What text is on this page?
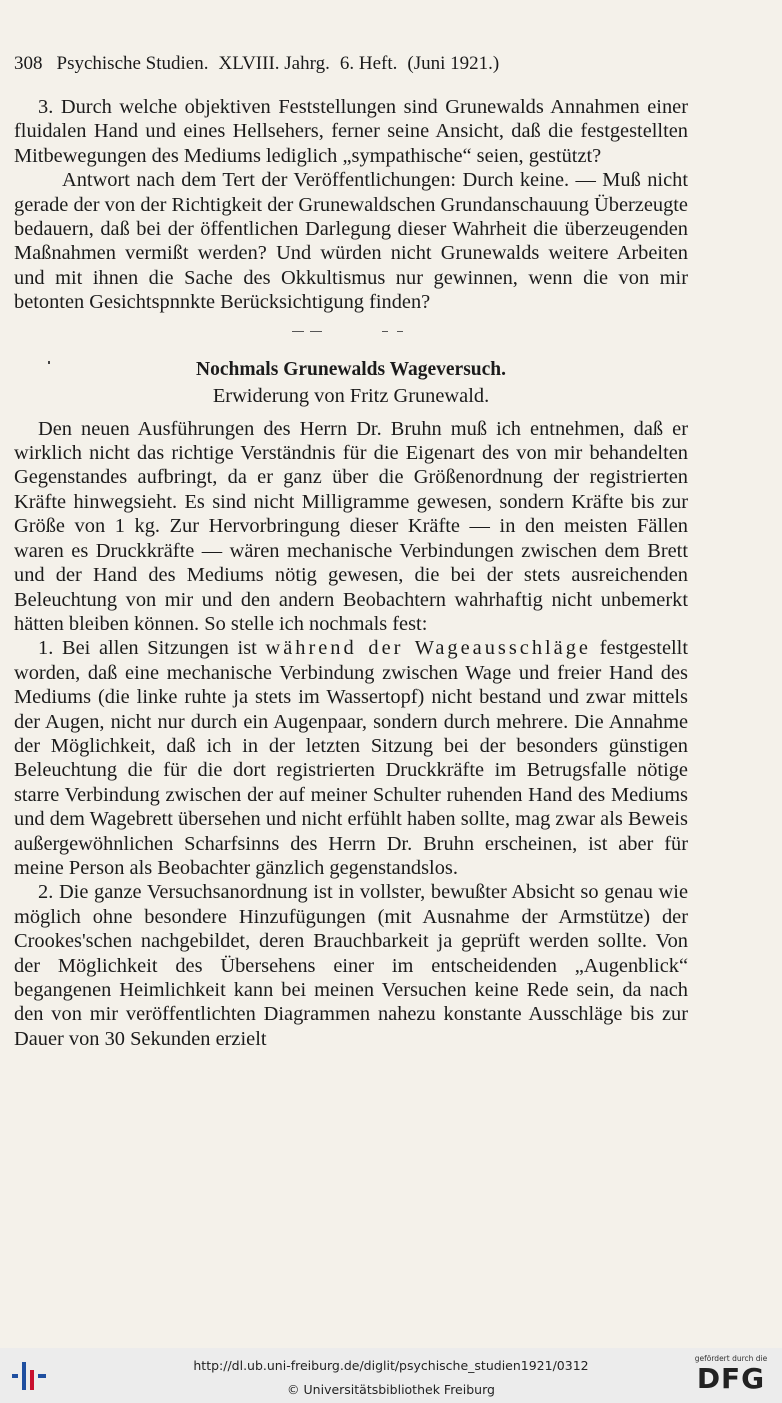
308 Psychische Studien. XLVIII. Jahrg. 6. Heft. (Juni 1921.)

3. Durch welche objektiven Feststellungen sind Grunewalds Annahmen einer fluidalen Hand und eines Hellsehers, ferner seine Ansicht, daß die festgestellten Mitbewegungen des Mediums lediglich „sympathische“ seien, gestützt?

Antwort nach dem Tert der Veröffentlichungen: Durch keine. — Muß nicht gerade der von der Richtigkeit der Grunewaldschen Grundanschauung Überzeugte bedauern, daß bei der öffentlichen Darlegung dieser Wahrheit die überzeugenden Maßnahmen vermißt werden? Und würden nicht Grunewalds weitere Arbeiten und mit ihnen die Sache des Okkultismus nur gewinnen, wenn die von mir betonten Gesichtspnnkte Berücksichtigung finden?

Nochmals Grunewalds Wageversuch.
Erwiderung von Fritz Grunewald.

Den neuen Ausführungen des Herrn Dr. Bruhn muß ich entnehmen, daß er wirklich nicht das richtige Verständnis für die Eigenart des von mir behandelten Gegenstandes aufbringt, da er ganz über die Größenordnung der registrierten Kräfte hinwegsieht. Es sind nicht Milligramme gewesen, sondern Kräfte bis zur Größe von 1 kg. Zur Hervorbringung dieser Kräfte — in den meisten Fällen waren es Druckkräfte — wären mechanische Verbindungen zwischen dem Brett und der Hand des Mediums nötig gewesen, die bei der stets ausreichenden Beleuchtung von mir und den andern Beobachtern wahrhaftig nicht unbemerkt hätten bleiben können. So stelle ich nochmals fest:

1. Bei allen Sitzungen ist während der Wageausschläge festgestellt worden, daß eine mechanische Verbindung zwischen Wage und freier Hand des Mediums (die linke ruhte ja stets im Wassertopf) nicht bestand und zwar mittels der Augen, nicht nur durch ein Augenpaar, sondern durch mehrere. Die Annahme der Möglichkeit, daß ich in der letzten Sitzung bei der besonders günstigen Beleuchtung die für die dort registrierten Druckkräfte im Betrugsfalle nötige starre Verbindung zwischen der auf meiner Schulter ruhenden Hand des Mediums und dem Wagebrett übersehen und nicht erfühlt haben sollte, mag zwar als Beweis außergewöhnlichen Scharfsinns des Herrn Dr. Bruhn erscheinen, ist aber für meine Person als Beobachter gänzlich gegenstandslos.

2. Die ganze Versuchsanordnung ist in vollster, bewußter Absicht so genau wie möglich ohne besondere Hinzufügungen (mit Ausnahme der Armstütze) der Crookes'schen nachgebildet, deren Brauchbarkeit ja geprüft werden sollte. Von der Möglichkeit des Übersehens einer im entscheidenden „Augenblick“ begangenen Heimlichkeit kann bei meinen Versuchen keine Rede sein, da nach den von mir veröffentlichten Diagrammen nahezu konstante Ausschläge bis zur Dauer von 30 Sekunden erzielt

http://dl.ub.uni-freiburg.de/diglit/psychische_studien1921/0312
© Universitätsbibliothek Freiburg
gefördert durch die
DFG
